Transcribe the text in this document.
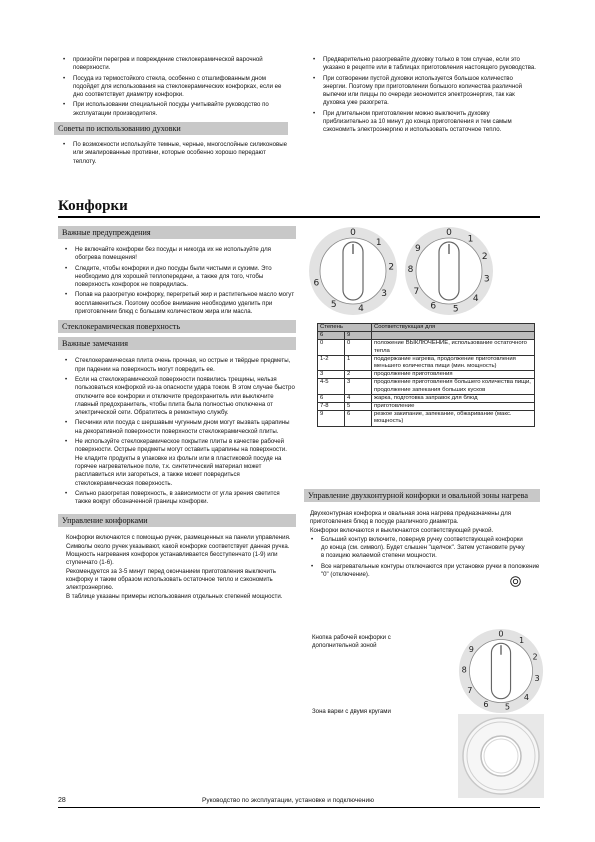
• произойти перегрев и повреждение стеклокерамической варочной поверхности.
• Посуда из термостойкого стекла, особенно с отшлифованным дном подойдет для использования на стеклокерамических конфорках, если ее дно соответствует диаметру конфорки.
• При использовании специальной посуды учитывайте руководство по эксплуатации производителя.
Советы по использованию духовки
• По возможности используйте темные, черные, многослойные силиконовые или эмалированные противни, которые особенно хорошо передают теплоту.
• Предварительно разогревайте духовку только в том случае, если это указано в рецепте или в таблицах приготовления настоящего руководства.
• При сотворении пустой духовки используется большое количество энергии. Поэтому при приготовлении большого количества различной выпечки или пиццы по очереди экономится электроэнергия, так как духовка уже разогрета.
• При длительном приготовлении можно выключить духовку приблизительно за 10 минут до конца приготовления и тем самым сэкономить электроэнергию и использовать остаточное тепло.
Конфорки
Важные предупреждения
• Не включайте конфорки без посуды и никогда их не используйте для обогрева помещения!
• Следите, чтобы конфорки и дно посуды были чистыми и сухими. Это необходимо для хорошей теплопередачи, а также для того, чтобы поверхность конфорок не повредилась.
• Попав на разогретую конфорку, перегретый жир и растительное масло могут воспламениться. Поэтому особое внимание необходимо уделить при приготовлении блюд с большим количеством жира или масла.
Стеклокерамическая поверхность
Важные замечания
• Стеклокерамическая плита очень прочная, но острые и твёрдые предметы, при падении на поверхность могут повредить ее.
• Если на стеклокерамической поверхности появились трещины, нельзя пользоваться конфоркой из-за опасности удара током. В этом случае быстро отключите все конфорки и отключите предохранитель или выключите главный предохранитель, чтобы плита была полностью отключена от электрической сети. Обратитесь в ремонтную службу.
• Песчинки или посуда с шершавым чугунным дном могут вызвать царапины на декоративной поверхности поверхности стеклокерамической плиты.
• Не используйте стеклокерамическое покрытие плиты в качестве рабочей поверхности. Острые предметы могут оставить царапины на поверхности. Не кладите продукты в упаковке из фольги или в пластиковой посуде на горячее нагревательное поле, т.к. синтетический материал может расплавиться или загореться, а также может повредиться стеклокерамическая поверхность.
• Сильно разогретая поверхность, в зависимости от угла зрения светится также вокруг обозначенной границы конфорки.
Управление конфорками
Конфорки включаются с помощью ручек, размещенных на панели управления. Символы около ручек указывают, какой конфорке соответствует данная ручка.
Мощность нагревания конфорок устанавливается бесступенчато (1-9) или ступенчато (1-6).
Рекомендуется за 3-5 минут перед окончанием приготовления выключить конфорку и таким образом использовать остаточное тепло и сэкономить электроэнергию.
В таблице указаны примеры использования отдельных степеней мощности.
0
1
2
3
4
5
6
0
1
2
3
4
5
6
7
8
9
Степень		Соответствующая для
6	9	
0	0	положение ВЫКЛЮЧЕНИЕ, использование остаточного тепла
1-2	1	поддержание нагрева, продолжение приготовления меньшего количества пищи (мин. мощность)
3	2	продолжение приготовления
4-5	3	продолжение приготовления большего количества пищи, продолжение запекания больших кусков
6	4	жарка, подготовка заправок для блюд
7-8	5	приготовление
9	6	резкое закипание, запекание, обжаривание (макс. мощность)
Управление двухконтурной конфорки и овальной зоны нагрева
Двухконтурная конфорка и овальная зона нагрева предназначены для приготовления блюд в посуде различного диаметра.
Конфорки включаются и выключаются соответствующей ручкой.
• Больший контур включите, повернув ручку соответствующей конфорки до конца (см. символ). Будет слышен "щелчок". Затем установите ручку в позицию желаемой степени мощности.
• Все нагревательные контуры отключаются при установке ручки в положение "0" (отключение).
Кнопка рабочей конфорки с дополнительной зоной
Зона варки с двумя кругами
0
1
2
3
4
5
6
7
8
9
28	Руководство по эксплуатации, установке и подключению
